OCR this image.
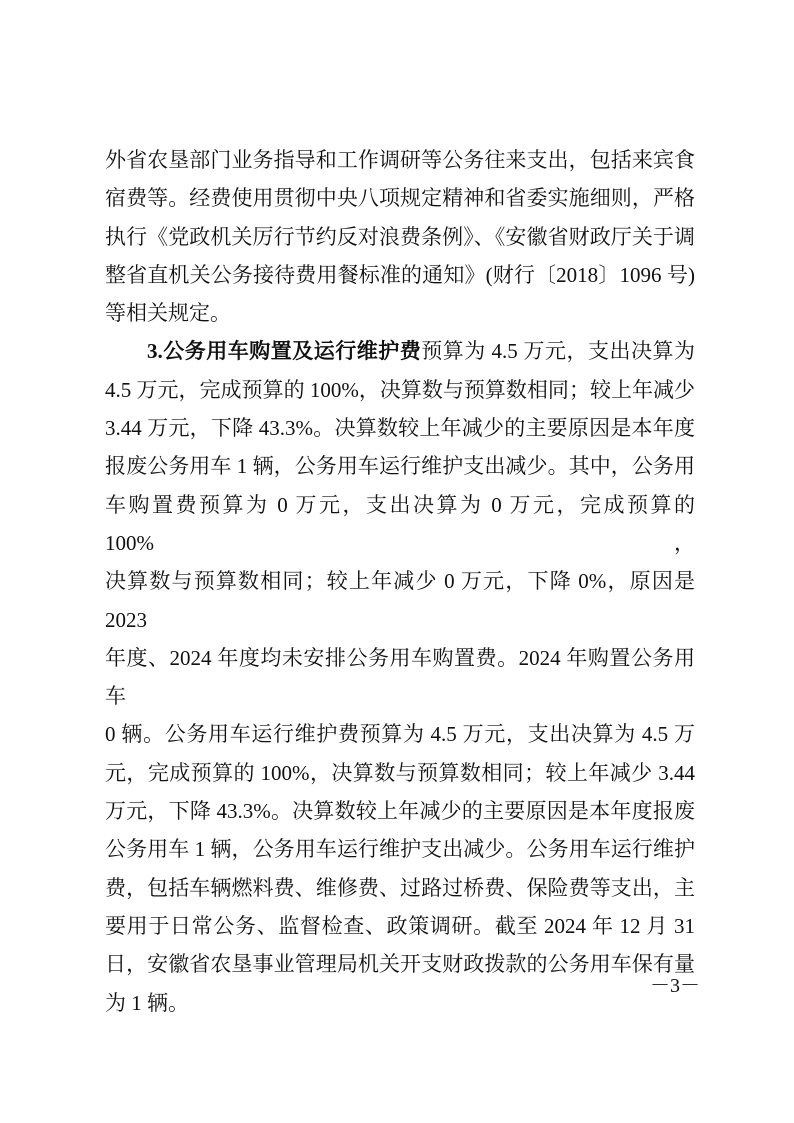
外省农垦部门业务指导和工作调研等公务往来支出，包括来宾食
宿费等。经费使用贯彻中央八项规定精神和省委实施细则，严格
执行《党政机关厉行节约反对浪费条例》、《安徽省财政厅关于调
整省直机关公务接待费用餐标准的通知》(财行〔2018〕1096 号)
等相关规定。
3.公务用车购置及运行维护费预算为 4.5 万元，支出决算为
4.5 万元，完成预算的 100%，决算数与预算数相同；较上年减少
3.44 万元，下降 43.3%。决算数较上年减少的主要原因是本年度
报废公务用车 1 辆，公务用车运行维护支出减少。其中，公务用
车购置费预算为 0 万元，支出决算为 0 万元，完成预算的 100%，
决算数与预算数相同；较上年减少 0 万元，下降 0%，原因是 2023
年度、2024 年度均未安排公务用车购置费。2024 年购置公务用车
0 辆。公务用车运行维护费预算为 4.5 万元，支出决算为 4.5 万
元，完成预算的 100%，决算数与预算数相同；较上年减少 3.44
万元，下降 43.3%。决算数较上年减少的主要原因是本年度报废
公务用车 1 辆，公务用车运行维护支出减少。公务用车运行维护
费，包括车辆燃料费、维修费、过路过桥费、保险费等支出，主
要用于日常公务、监督检查、政策调研。截至 2024 年 12 月 31
日，安徽省农垦事业管理局机关开支财政拨款的公务用车保有量
为 1 辆。
－3－
